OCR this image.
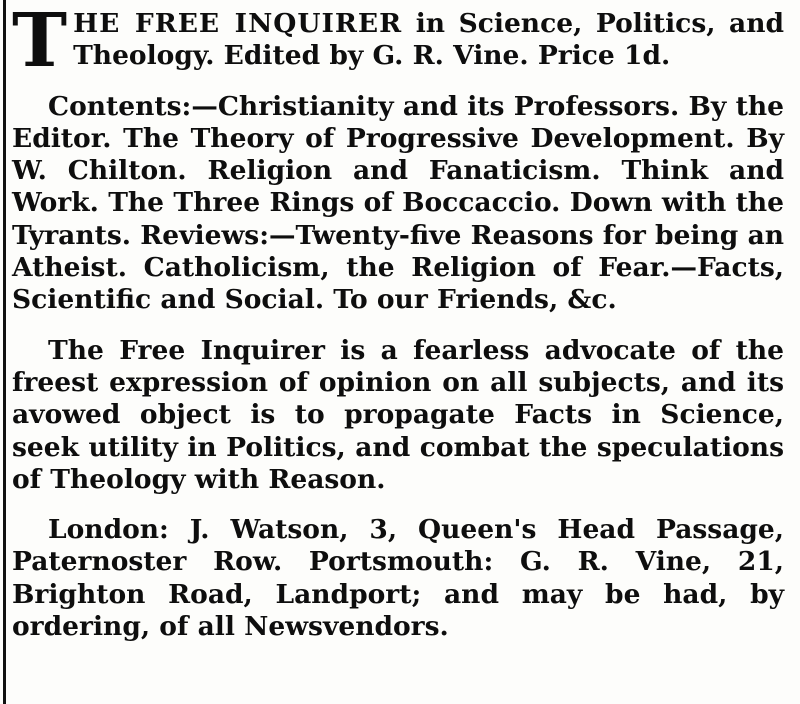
THE FREE INQUIRER in Science, Politics, and Theology. Edited by G. R. Vine. Price 1d.

Contents:—Christianity and its Professors. By the Editor. The Theory of Progressive Development. By W. Chilton. Religion and Fanaticism. Think and Work. The Three Rings of Boccaccio. Down with the Tyrants. Reviews:—Twenty-five Reasons for being an Atheist. Catholicism, the Religion of Fear.—Facts, Scientific and Social. To our Friends, &c.

The Free Inquirer is a fearless advocate of the freest expression of opinion on all subjects, and its avowed object is to propagate Facts in Science, seek utility in Politics, and combat the speculations of Theology with Reason.

London: J. Watson, 3, Queen's Head Passage, Paternoster Row. Portsmouth: G. R. Vine, 21, Brighton Road, Landport; and may be had, by ordering, of all Newsvendors.
